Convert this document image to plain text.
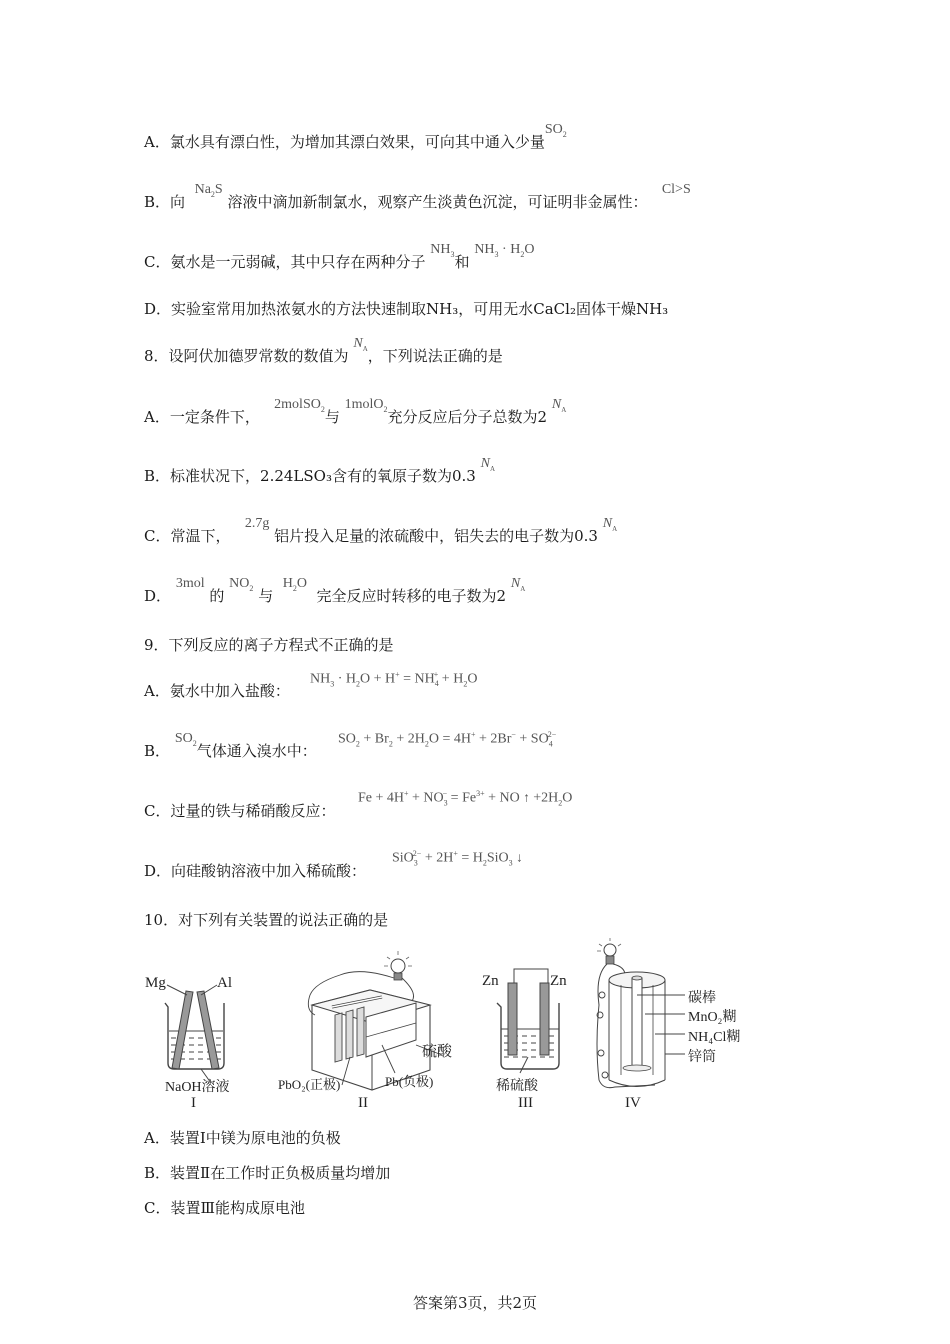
A．氯水具有漂白性，为增加其漂白效果，可向其中通入少量$SO_2$
B．向  $Na_2S$ 溶液中滴加新制氯水，观察产生淡黄色沉淀，可证明非金属性：   Cl>S
C．氨水是一元弱碱，其中只存在两种分子 $NH_3$和 $NH_3 \cdot H_2O$
D．实验室常用加热浓氨水的方法快速制取NH₃，可用无水CaCl₂固体干燥NH₃
8．设阿伏加德罗常数的数值为 $N_A$，下列说法正确的是
A．一定条件下，   2molSO$_2$与 1molO$_2$充分反应后分子总数为2 $N_A$
B．标准状况下，2.24LSO₃含有的氧原子数为0.3 $N_A$
C．常温下，   2.7g 铝片投入足量的浓硫酸中，铝失去的电子数为0.3 $N_A$
D． 3mol 的 $NO_2$ 与  $H_2O$  完全反应时转移的电子数为2 $N_A$
9．下列反应的离子方程式不正确的是
A．氨水中加入盐酸：
$NH_3 \cdot H_2O + H^+ = NH_4^+ + H_2O$
B． $SO_2$气体通入溴水中：
$SO_2 + Br_2 + 2H_2O = 4H^+ + 2Br^- + SO_4^{2-}$
C．过量的铁与稀硝酸反应：
$Fe + 4H^+ + NO_3^- = Fe^{3+}$ + NO ↑ $+2H_2O$
D．向硅酸钠溶液中加入稀硫酸：
$SiO_3^{2-} + 2H^+ = H_2SiO_3$ ↓
10．对下列有关装置的说法正确的是
Mg	Al
NaOH溶液
I
硫酸
PbO₂(正极)	Pb(负极)
II
Zn	Zn
稀硫酸
III
碳棒
MnO₂糊
NH₄Cl糊
锌筒
IV
A．装置Ⅰ中镁为原电池的负极
B．装置Ⅱ在工作时正负极质量均增加
C．装置Ⅲ能构成原电池
答案第3页，共2页
